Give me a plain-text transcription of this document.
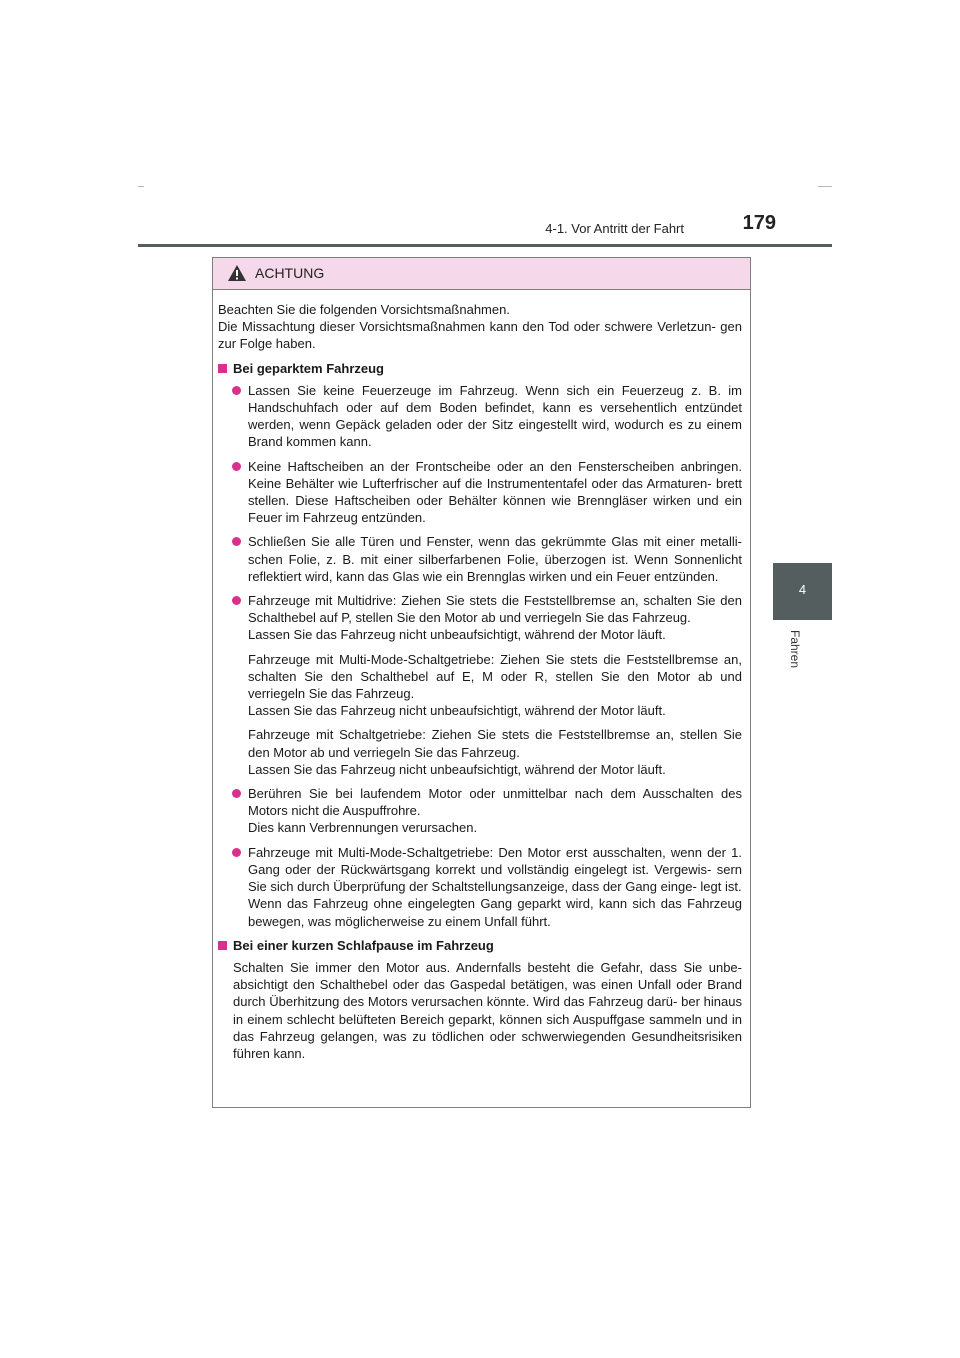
4-1. Vor Antritt der Fahrt	179
4
Fahren
ACHTUNG

Beachten Sie die folgenden Vorsichtsmaßnahmen.

Die Missachtung dieser Vorsichtsmaßnahmen kann den Tod oder schwere Verletzun- gen zur Folge haben.

Bei geparktem Fahrzeug
Lassen Sie keine Feuerzeuge im Fahrzeug. Wenn sich ein Feuerzeug z. B. im Handschuhfach oder auf dem Boden befindet, kann es versehentlich entzündet werden, wenn Gepäck geladen oder der Sitz eingestellt wird, wodurch es zu einem Brand kommen kann.
Keine Haftscheiben an der Frontscheibe oder an den Fensterscheiben anbringen. Keine Behälter wie Lufterfrischer auf die Instrumententafel oder das Armaturen- brett stellen. Diese Haftscheiben oder Behälter können wie Brenngläser wirken und ein Feuer im Fahrzeug entzünden.
Schließen Sie alle Türen und Fenster, wenn das gekrümmte Glas mit einer metalli- schen Folie, z. B. mit einer silberfarbenen Folie, überzogen ist. Wenn Sonnenlicht reflektiert wird, kann das Glas wie ein Brennglas wirken und ein Feuer entzünden.
Fahrzeuge mit Multidrive: Ziehen Sie stets die Feststellbremse an, schalten Sie den Schalthebel auf P, stellen Sie den Motor ab und verriegeln Sie das Fahrzeug.
Lassen Sie das Fahrzeug nicht unbeaufsichtigt, während der Motor läuft.
Fahrzeuge mit Multi-Mode-Schaltgetriebe: Ziehen Sie stets die Feststellbremse an, schalten Sie den Schalthebel auf E, M oder R, stellen Sie den Motor ab und verriegeln Sie das Fahrzeug.
Lassen Sie das Fahrzeug nicht unbeaufsichtigt, während der Motor läuft.
Fahrzeuge mit Schaltgetriebe: Ziehen Sie stets die Feststellbremse an, stellen Sie den Motor ab und verriegeln Sie das Fahrzeug.
Lassen Sie das Fahrzeug nicht unbeaufsichtigt, während der Motor läuft.
Berühren Sie bei laufendem Motor oder unmittelbar nach dem Ausschalten des Motors nicht die Auspuffrohre.
Dies kann Verbrennungen verursachen.
Fahrzeuge mit Multi-Mode-Schaltgetriebe: Den Motor erst ausschalten, wenn der 1. Gang oder der Rückwärtsgang korrekt und vollständig eingelegt ist. Vergewis- sern Sie sich durch Überprüfung der Schaltstellungsanzeige, dass der Gang einge- legt ist.
Wenn das Fahrzeug ohne eingelegten Gang geparkt wird, kann sich das Fahrzeug bewegen, was möglicherweise zu einem Unfall führt.
Bei einer kurzen Schlafpause im Fahrzeug
Schalten Sie immer den Motor aus. Andernfalls besteht die Gefahr, dass Sie unbe- absichtigt den Schalthebel oder das Gaspedal betätigen, was einen Unfall oder Brand durch Überhitzung des Motors verursachen könnte. Wird das Fahrzeug darü- ber hinaus in einem schlecht belüfteten Bereich geparkt, können sich Auspuffgase sammeln und in das Fahrzeug gelangen, was zu tödlichen oder schwerwiegenden Gesundheitsrisiken führen kann.
